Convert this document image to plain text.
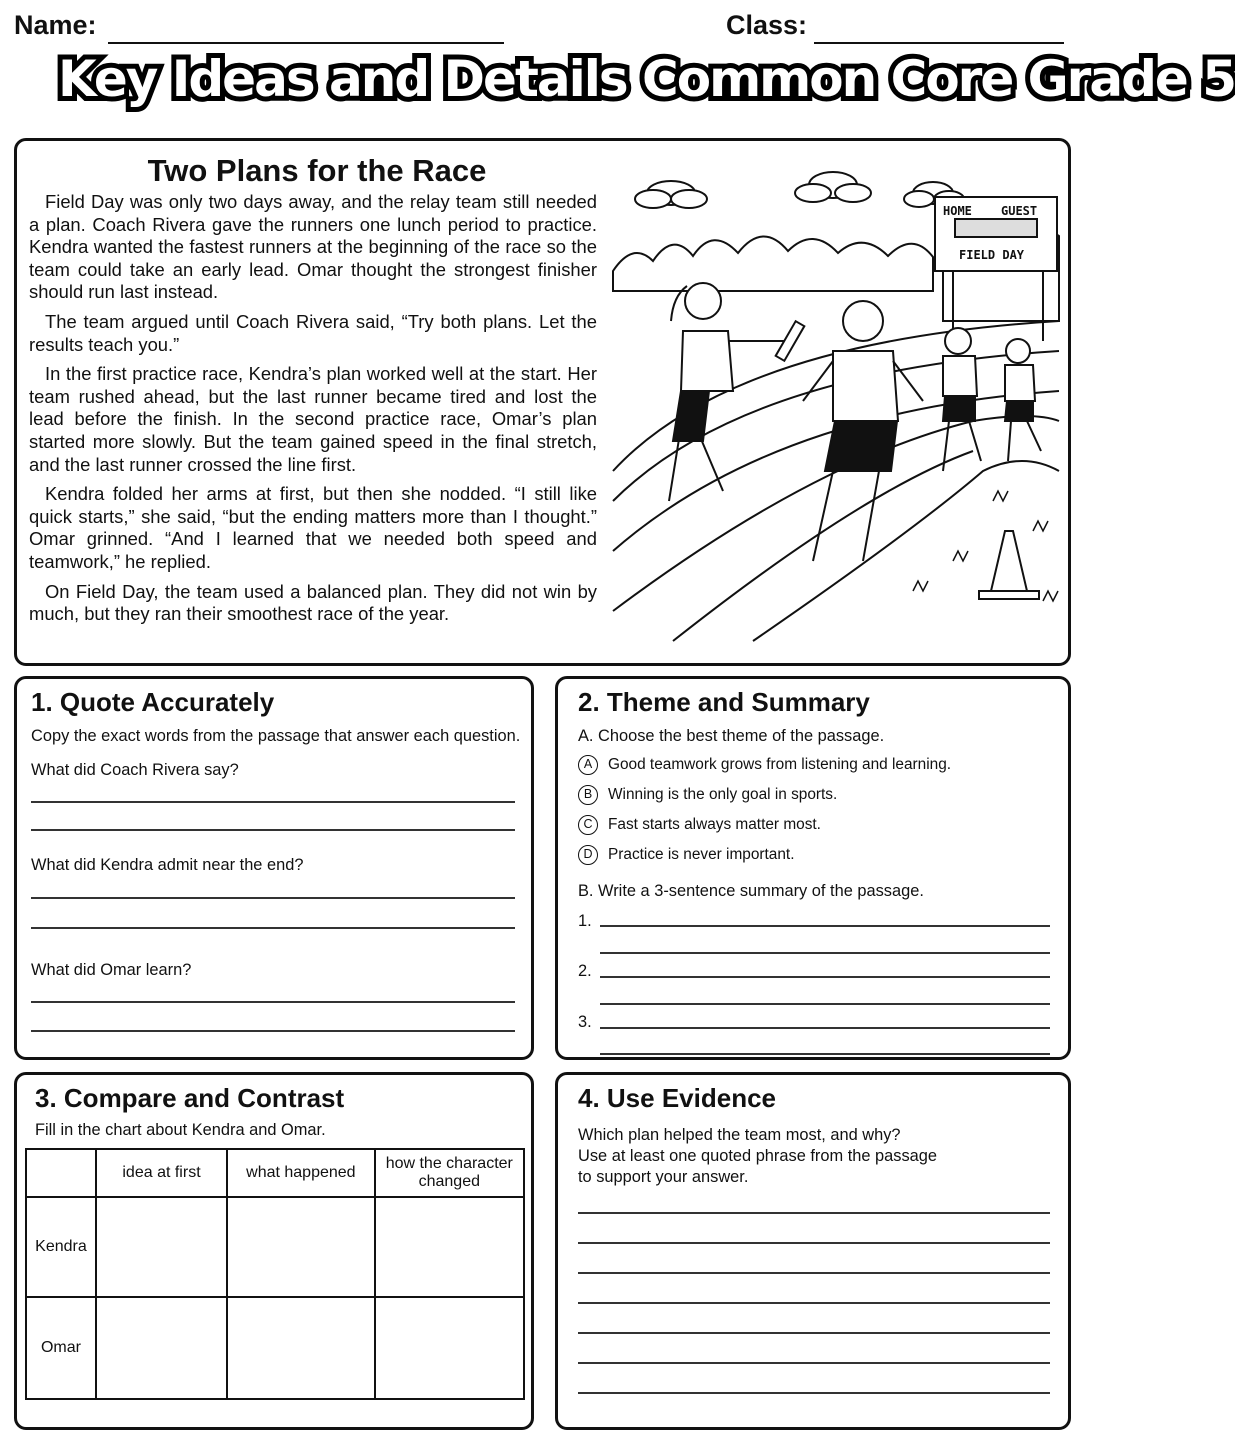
Name:	Class:
Key Ideas and Details Common Core Grade 5
Two Plans for the Race

Field Day was only two days away, and the relay team still needed a plan. Coach Rivera gave the runners one lunch period to practice. Kendra wanted the fastest runners at the beginning of the race so the team could take an early lead. Omar thought the strongest finisher should run last instead.

The team argued until Coach Rivera said, “Try both plans. Let the results teach you.”

In the first practice race, Kendra’s plan worked well at the start. Her team rushed ahead, but the last runner became tired and lost the lead before the finish. In the second practice race, Omar’s plan started more slowly. But the team gained speed in the final stretch, and the last runner crossed the line first.

Kendra folded her arms at first, but then she nodded. “I still like quick starts,” she said, “but the ending matters more than I thought.” Omar grinned. “And I learned that we needed both speed and teamwork,” he replied.

On Field Day, the team used a balanced plan. They did not win by much, but they ran their smoothest race of the year.

HOME GUEST
FIELD DAY
1. Quote Accurately
Copy the exact words from the passage that answer each question.
What did Coach Rivera say?
What did Kendra admit near the end?
What did Omar learn?
2. Theme and Summary
A. Choose the best theme of the passage.
A Good teamwork grows from listening and learning.
B Winning is the only goal in sports.
C Fast starts always matter most.
D Practice is never important.
B. Write a 3-sentence summary of the passage.
1.
2.
3.
3. Compare and Contrast
Fill in the chart about Kendra and Omar.
	idea at first	what happened	how the character changed
Kendra			
Omar			
4. Use Evidence
Which plan helped the team most, and why?
Use at least one quoted phrase from the passage
to support your answer.
